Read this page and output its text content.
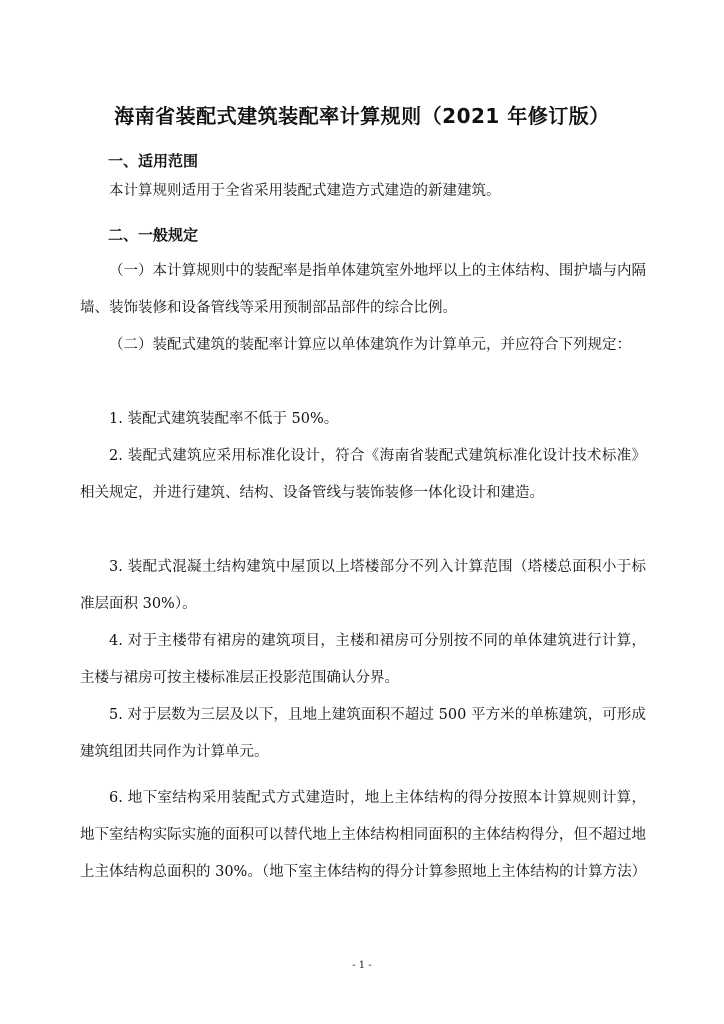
海南省装配式建筑装配率计算规则（2021 年修订版）
一、适用范围
本计算规则适用于全省采用装配式建造方式建造的新建建筑。
二、一般规定
（一）本计算规则中的装配率是指单体建筑室外地坪以上的主体结构、围护墙与内隔墙、装饰装修和设备管线等采用预制部品部件的综合比例。
（二）装配式建筑的装配率计算应以单体建筑作为计算单元，并应符合下列规定：
1. 装配式建筑装配率不低于 50%。
2. 装配式建筑应采用标准化设计，符合《海南省装配式建筑标准化设计技术标准》相关规定，并进行建筑、结构、设备管线与装饰装修一体化设计和建造。
3. 装配式混凝土结构建筑中屋顶以上塔楼部分不列入计算范围（塔楼总面积小于标准层面积 30%）。
4. 对于主楼带有裙房的建筑项目，主楼和裙房可分别按不同的单体建筑进行计算，主楼与裙房可按主楼标准层正投影范围确认分界。
5. 对于层数为三层及以下，且地上建筑面积不超过 500 平方米的单栋建筑，可形成建筑组团共同作为计算单元。
6. 地下室结构采用装配式方式建造时，地上主体结构的得分按照本计算规则计算，地下室结构实际实施的面积可以替代地上主体结构相同面积的主体结构得分，但不超过地上主体结构总面积的 30%。（地下室主体结构的得分计算参照地上主体结构的计算方法）
- 1 -
